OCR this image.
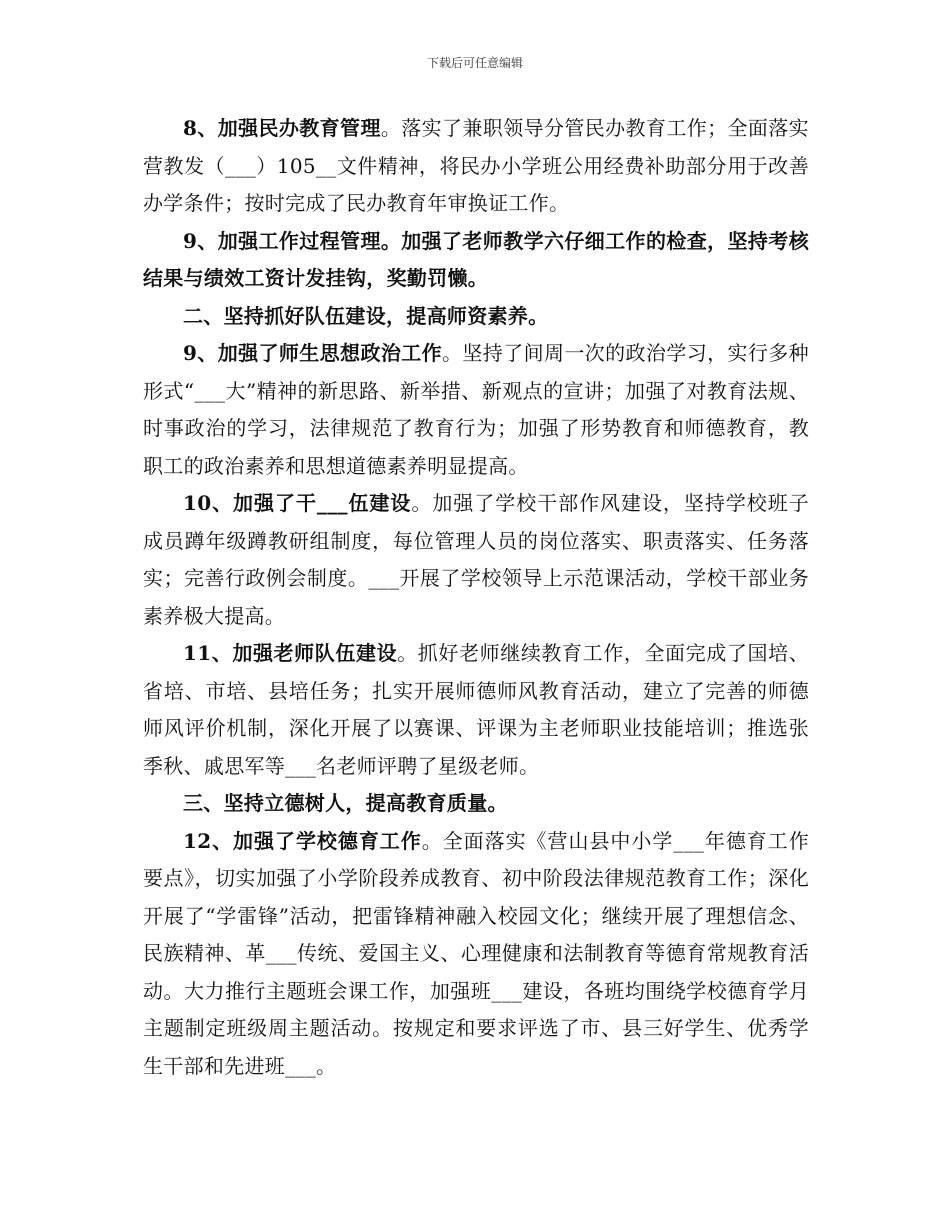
下载后可任意编辑

8、加强民办教育管理。落实了兼职领导分管民办教育工作；全面落实营教发（___）105__文件精神，将民办小学班公用经费补助部分用于改善办学条件；按时完成了民办教育年审换证工作。

9、加强工作过程管理。加强了老师教学六仔细工作的检查，坚持考核结果与绩效工资计发挂钩，奖勤罚懒。

二、坚持抓好队伍建设，提高师资素养。

9、加强了师生思想政治工作。坚持了间周一次的政治学习，实行多种形式“___大”精神的新思路、新举措、新观点的宣讲；加强了对教育法规、时事政治的学习，法律规范了教育行为；加强了形势教育和师德教育，教职工的政治素养和思想道德素养明显提高。

10、加强了干___伍建设。加强了学校干部作风建设，坚持学校班子成员蹲年级蹲教研组制度，每位管理人员的岗位落实、职责落实、任务落实；完善行政例会制度。___开展了学校领导上示范课活动，学校干部业务素养极大提高。

11、加强老师队伍建设。抓好老师继续教育工作，全面完成了国培、省培、市培、县培任务；扎实开展师德师风教育活动，建立了完善的师德师风评价机制，深化开展了以赛课、评课为主老师职业技能培训；推选张季秋、戚思军等___名老师评聘了星级老师。

三、坚持立德树人，提高教育质量。

12、加强了学校德育工作。全面落实《营山县中小学___年德育工作要点》，切实加强了小学阶段养成教育、初中阶段法律规范教育工作；深化开展了“学雷锋”活动，把雷锋精神融入校园文化；继续开展了理想信念、民族精神、革___传统、爱国主义、心理健康和法制教育等德育常规教育活动。大力推行主题班会课工作，加强班___建设，各班均围绕学校德育学月主题制定班级周主题活动。按规定和要求评选了市、县三好学生、优秀学生干部和先进班___。
